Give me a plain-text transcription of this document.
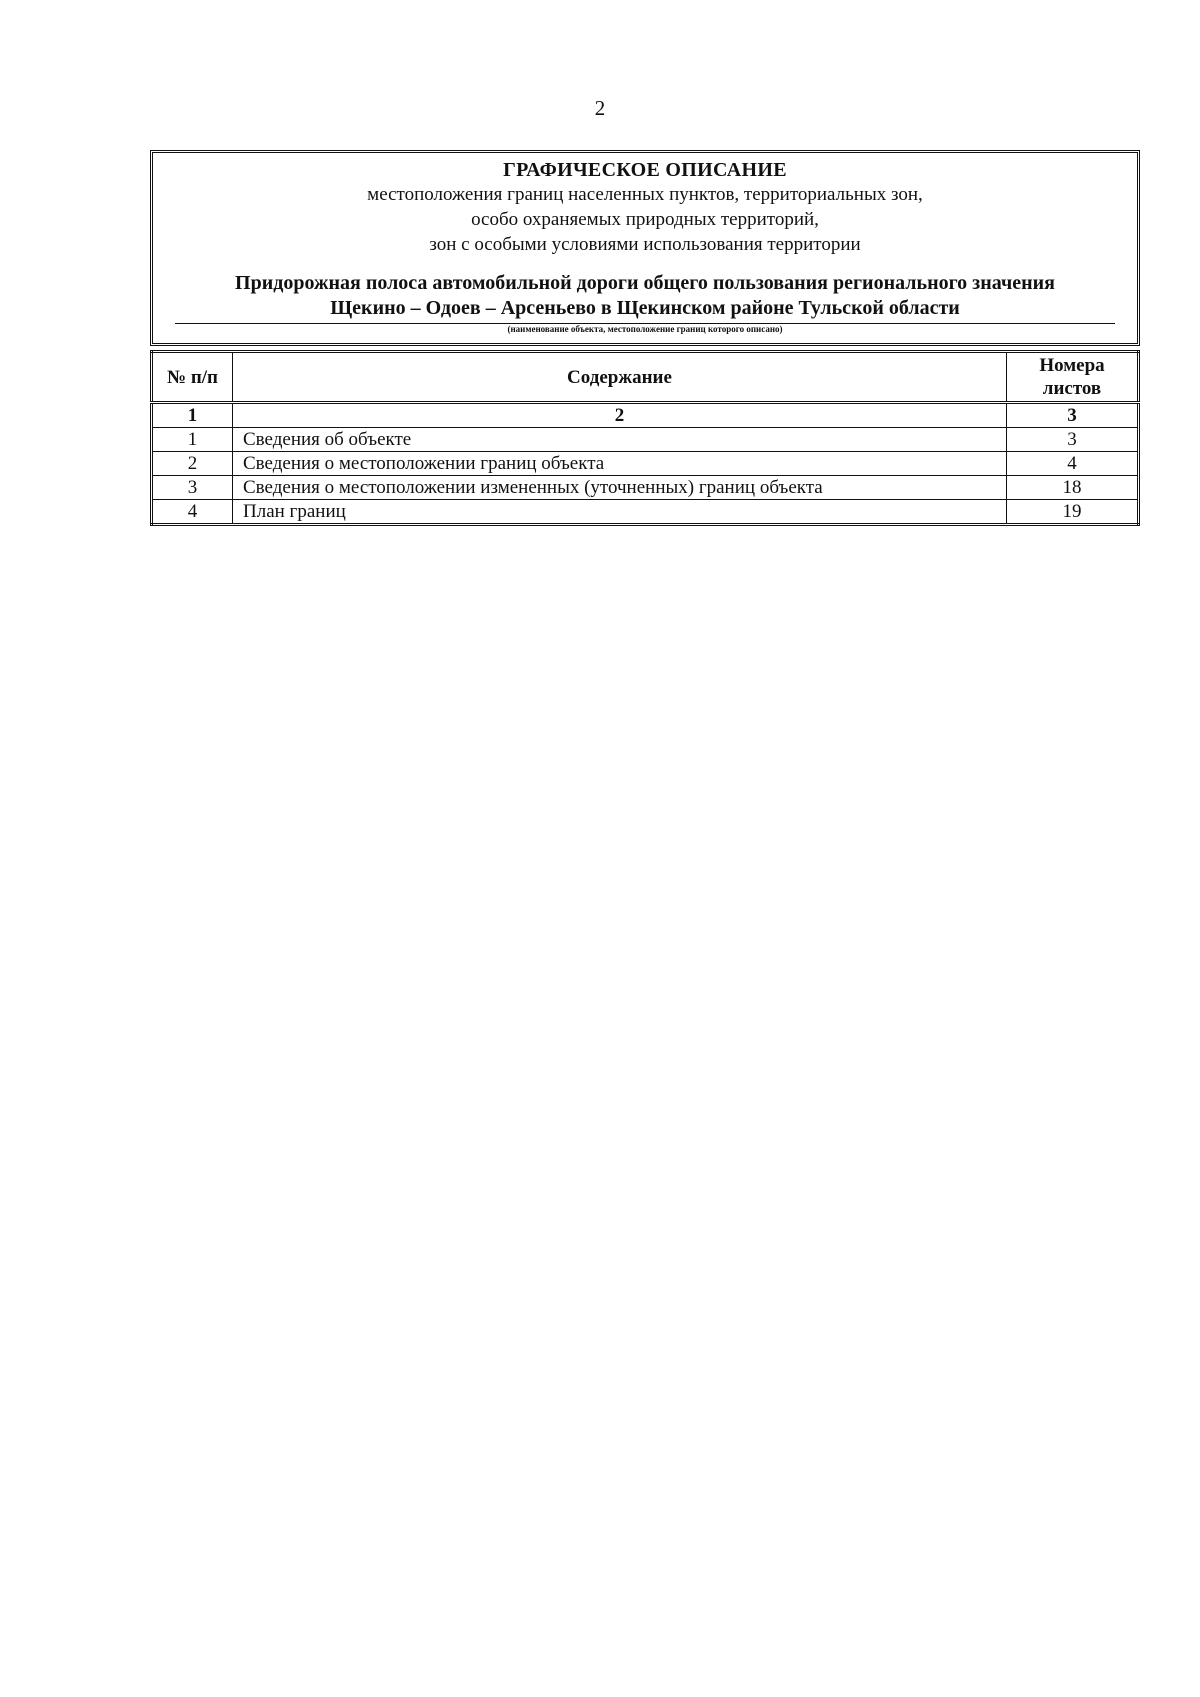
2
ГРАФИЧЕСКОЕ ОПИСАНИЕ
местоположения границ населенных пунктов, территориальных зон,
особо охраняемых природных территорий,
зон с особыми условиями использования территории
Придорожная полоса автомобильной дороги общего пользования регионального значения
Щекино – Одоев – Арсеньево в Щекинском районе Тульской области
(наименование объекта, местоположение границ которого описано)
№ п/п	Содержание	Номера листов
1	2	3
1	Сведения об объекте	3
2	Сведения о местоположении границ объекта	4
3	Сведения о местоположении измененных (уточненных) границ объекта	18
4	План границ	19
